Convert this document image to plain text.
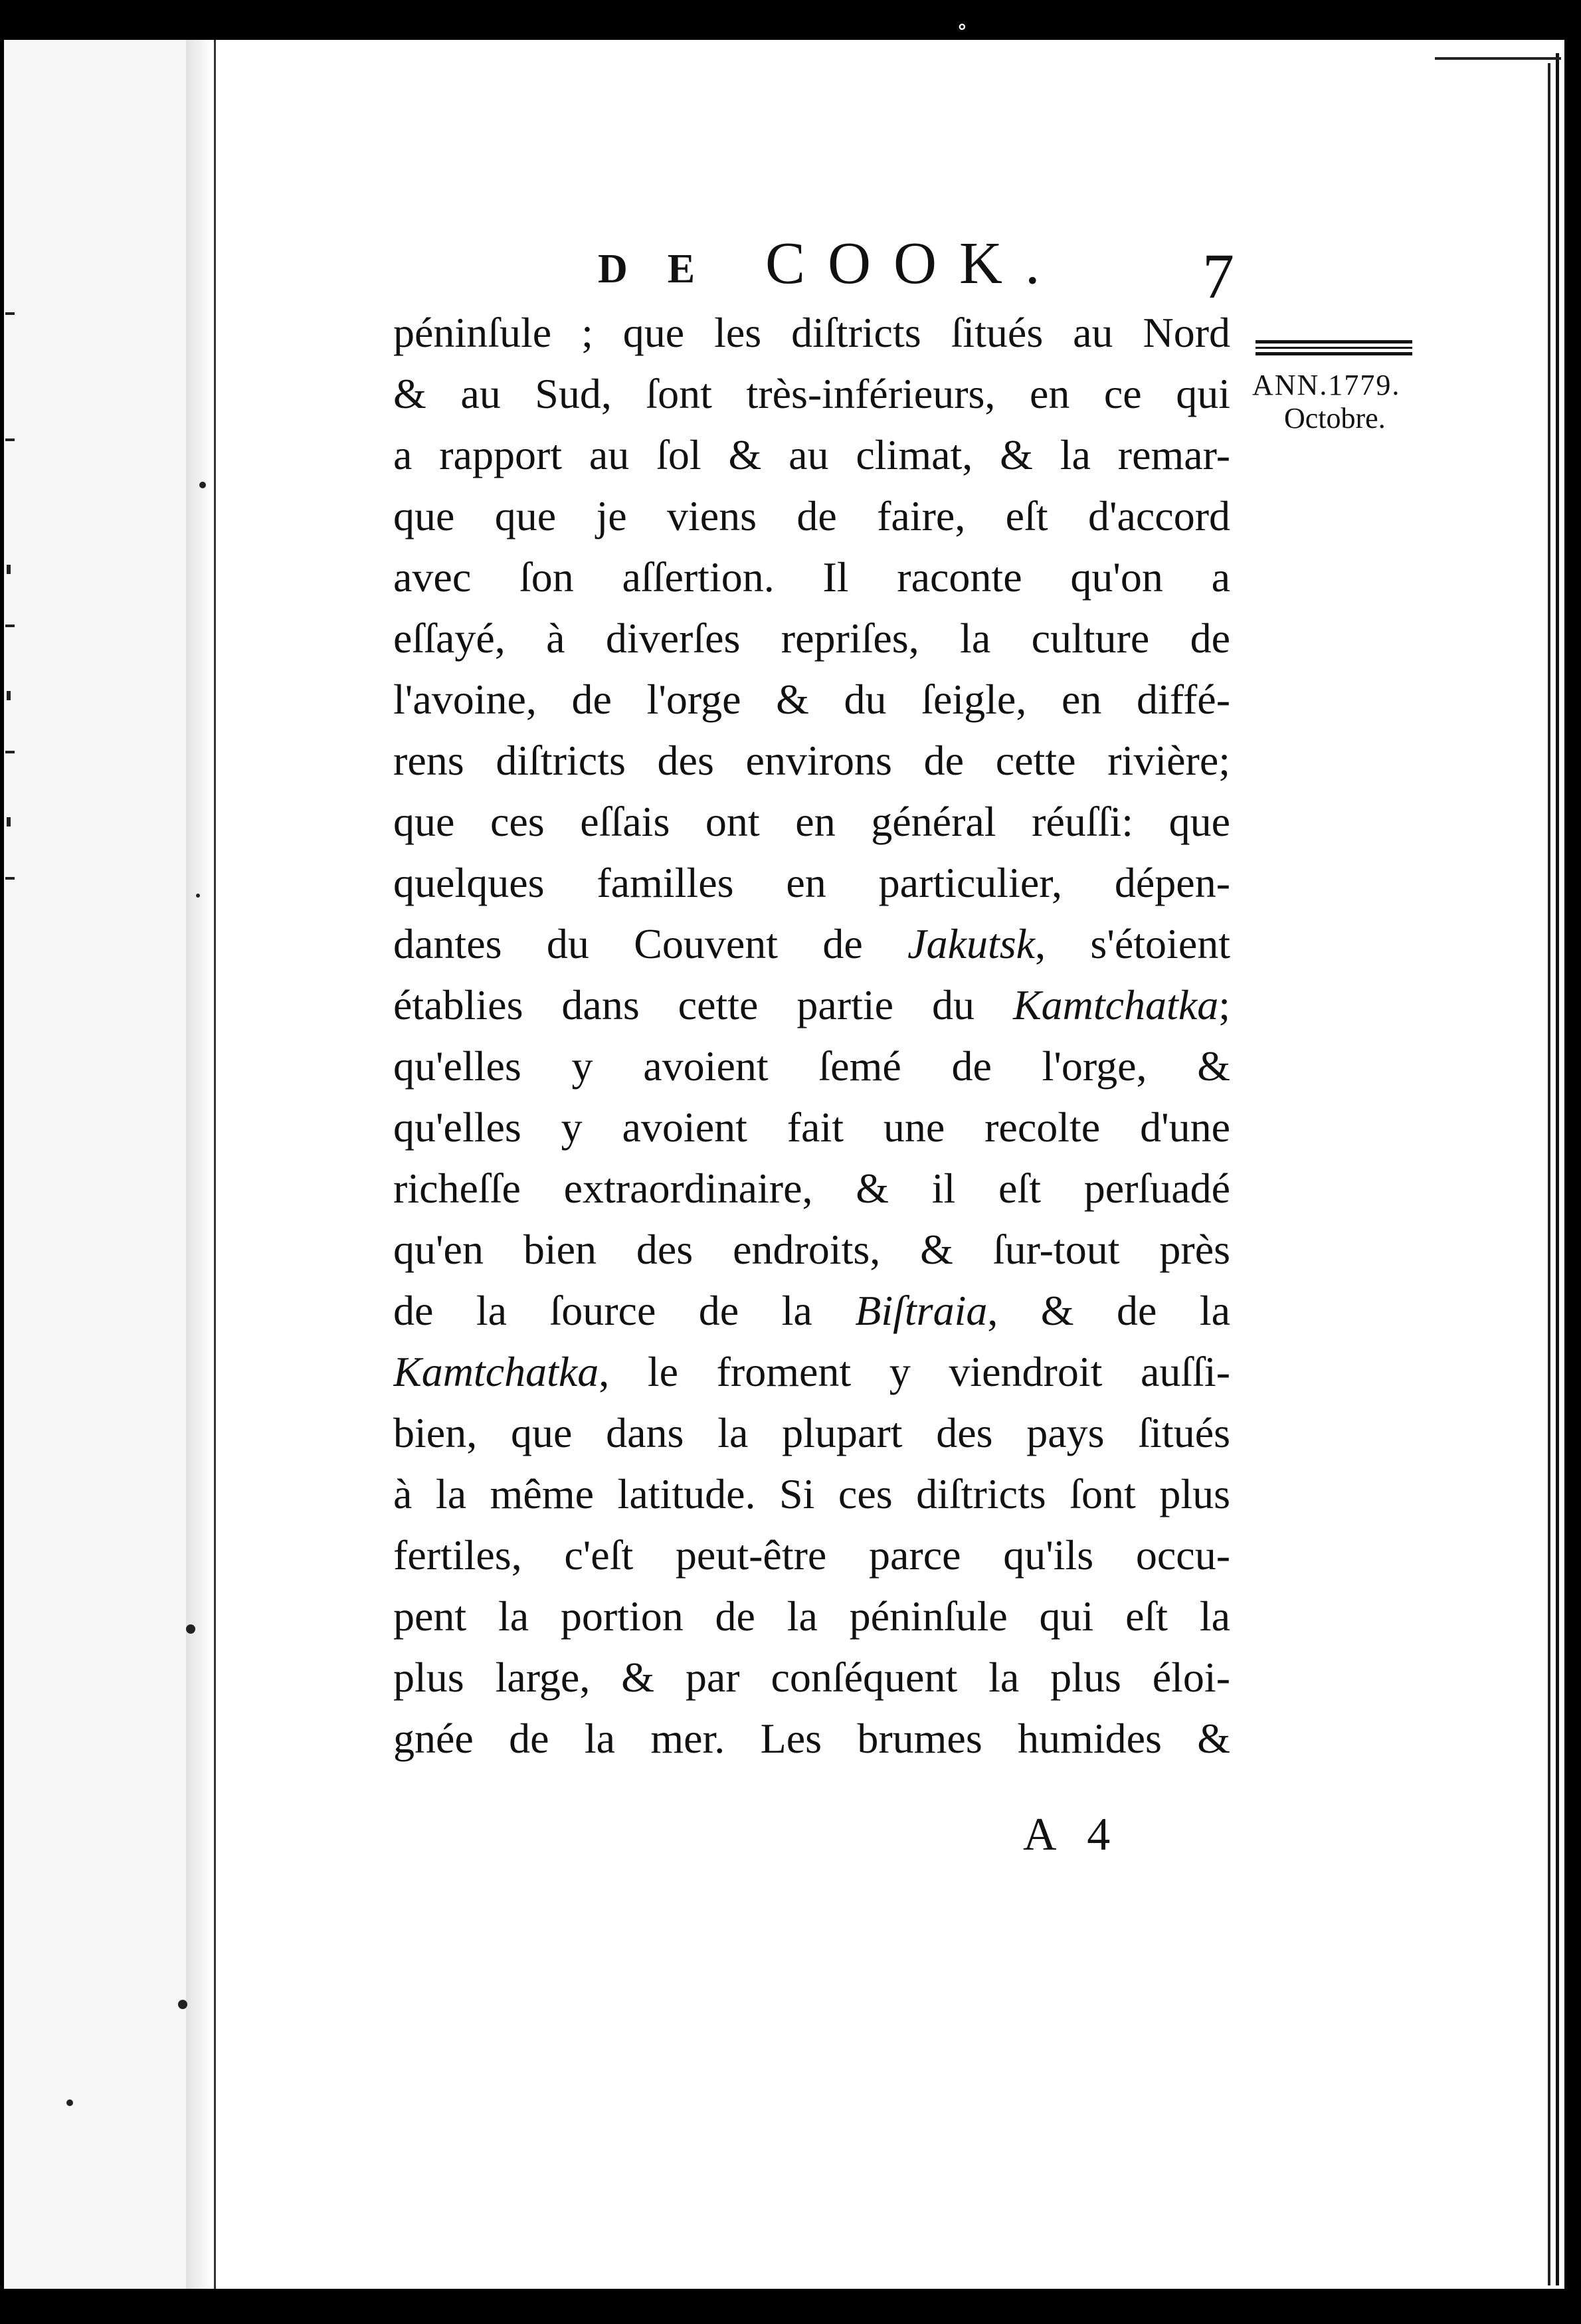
∘
DE COOK. 7
ANN.1779.
Octobre.
péninſule ; que les diſtricts ſitués au Nord
& au Sud, ſont très-inférieurs, en ce qui
a rapport au ſol & au climat, & la remar-
que que je viens de faire, eſt d'accord
avec ſon aſſertion. Il raconte qu'on a
eſſayé, à diverſes repriſes, la culture de
l'avoine, de l'orge & du ſeigle, en diffé-
rens diſtricts des environs de cette rivière;
que ces eſſais ont en général réuſſi: que
quelques familles en particulier, dépen-
dantes du Couvent de Jakutsk, s'étoient
établies dans cette partie du Kamtchatka;
qu'elles y avoient ſemé de l'orge, &
qu'elles y avoient fait une recolte d'une
richeſſe extraordinaire, & il eſt perſuadé
qu'en bien des endroits, & ſur-tout près
de la ſource de la Biſtraia, & de la
Kamtchatka, le froment y viendroit auſſi-
bien, que dans la plupart des pays ſitués
à la même latitude. Si ces diſtricts ſont plus
fertiles, c'eſt peut-être parce qu'ils occu-
pent la portion de la péninſule qui eſt la
plus large, & par conſéquent la plus éloi-
gnée de la mer. Les brumes humides &
A 4
